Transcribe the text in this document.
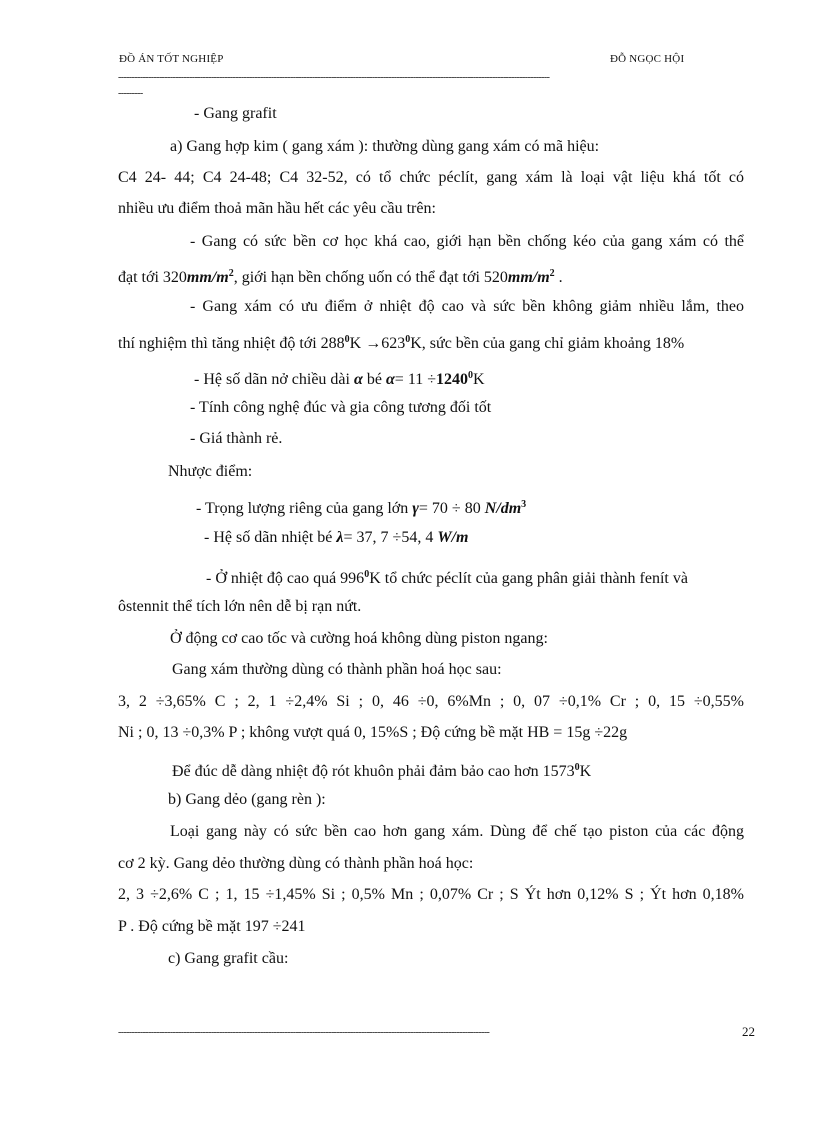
ĐỒ ÁN TỐT NGHIỆP	ĐỖ NGỌC HỘI
--------------------------------------------------------------------------------------------------------------------------------------------------------------
---------
- Gang grafit
a) Gang hợp kim ( gang xám ): thường dùng gang xám có mã hiệu:
C4 24- 44; C4 24-48; C4 32-52, có tổ chức péclít, gang xám là loại vật liệu khá tốt có
nhiều ưu điểm thoả mãn hầu hết các yêu cầu trên:
- Gang có sức bền cơ học khá cao, giới hạn bền chống kéo của gang xám có thể
đạt tới $320mm/m^2$, giới hạn bền chống uốn có thể đạt tới $520mm/m^2$ .
- Gang xám có ưu điểm ở nhiệt độ cao và sức bền không giảm nhiều lắm, theo
thí nghiệm thì tăng nhiệt độ tới $288^0K \to 623^0K$, sức bền của gang chỉ giảm khoảng 18%
- Hệ số dãn nở chiều dài α bé $\alpha= 11 \div 1240^0K$
- Tính công nghệ đúc và gia công tương đối tốt
- Giá thành rẻ.
Nhược điểm:
- Trọng lượng riêng của gang lớn γ= 70 ÷ 80 $N/dm^3$
- Hệ số dãn nhiệt bé λ= 37, 7 ÷54, 4 W/m
- Ở nhiệt độ cao quá $996^0K$ tổ chức péclít của gang phân giải thành fenít và
ôstennit thể tích lớn nên dễ bị rạn nứt.
Ở động cơ cao tốc và cường hoá không dùng piston ngang:
Gang xám thường dùng có thành phần hoá học sau:
3, 2 ÷3,65% C ; 2, 1 ÷2,4% Si ; 0, 46 ÷0, 6%Mn ; 0, 07 ÷0,1% Cr ; 0, 15 ÷0,55%
Ni ; 0, 13 ÷0,3% P ; không vượt quá 0, 15%S ; Độ cứng bề mặt HB = 15g ÷22g
Để đúc dễ dàng nhiệt độ rót khuôn phải đảm bảo cao hơn 1573$^0$K
b) Gang dẻo (gang rèn ):
Loại gang này có sức bền cao hơn gang xám. Dùng để chế tạo piston của các động
cơ 2 kỳ. Gang dẻo thường dùng có thành phần hoá học:
2, 3 ÷2,6% C ; 1, 15 ÷1,45% Si ; 0,5% Mn ; 0,07% Cr ; S Ýt hơn 0,12% S ; Ýt hơn 0,18%
P . Độ cứng bề mặt 197 ÷241
c) Gang grafit cầu:
----------------------------------------------------------------------------------------------------------------------------------------	22
